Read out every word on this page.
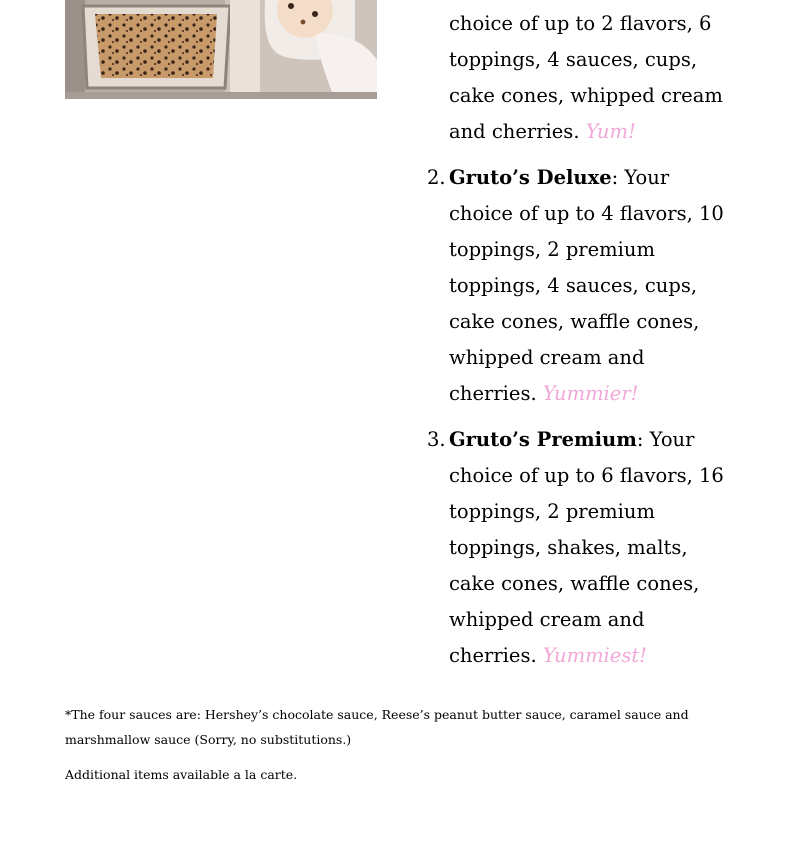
choice of up to 2 flavors, 6 toppings, 4 sauces, cups, cake cones, whipped cream and cherries. Yum!
2. Gruto’s Deluxe: Your choice of up to 4 flavors, 10 toppings, 2 premium toppings, 4 sauces, cups, cake cones, waffle cones, whipped cream and cherries. Yummier!
3. Gruto’s Premium: Your choice of up to 6 flavors, 16 toppings, 2 premium toppings, shakes, malts, cake cones, waffle cones, whipped cream and cherries. Yummiest!

*The four sauces are: Hershey’s chocolate sauce, Reese’s peanut butter sauce, caramel sauce and marshmallow sauce (Sorry, no substitutions.)

Additional items available a la carte.
